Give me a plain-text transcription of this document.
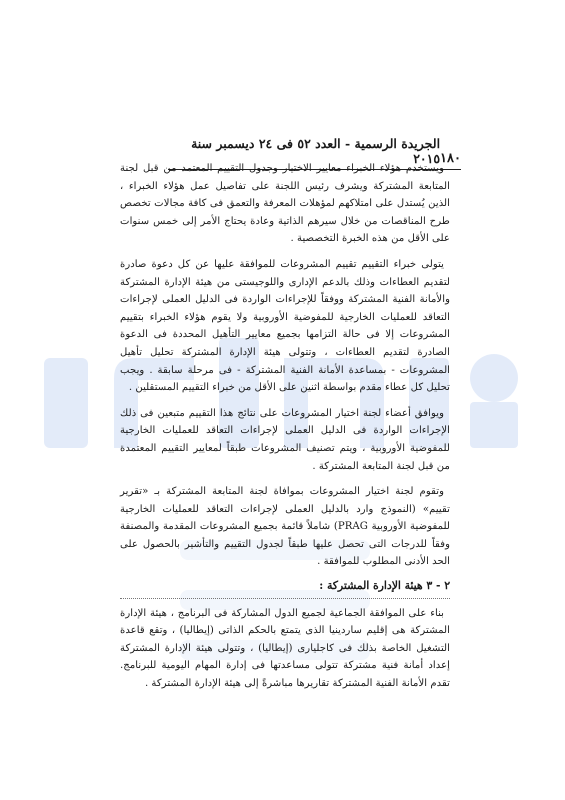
١٨٠
الجريدة الرسمية - العدد ٥٢ فى ٢٤ ديسمبر سنة ٢٠١٥

ويستخدم هؤلاء الخبراء معايير الاختيار وجدول التقييم المعتمد من قبل لجنة المتابعة المشتركة ويشرف رئيس اللجنة على تفاصيل عمل هؤلاء الخبراء ، الذين يُستدل على امتلاكهم لمؤهلات المعرفة والتعمق فى كافة مجالات تخصص طرح المناقصات من خلال سيرهم الذاتية وعادة يحتاج الأمر إلى خمس سنوات على الأقل من هذه الخبرة التخصصية .

يتولى خبراء التقييم تقييم المشروعات للموافقة عليها عن كل دعوة صادرة لتقديم العطاءات وذلك بالدعم الإدارى واللوجيستى من هيئة الإدارة المشتركة والأمانة الفنية المشتركة ووفقاً للإجراءات الواردة فى الدليل العملى لإجراءات التعاقد للعمليات الخارجية للمفوضية الأوروبية ولا يقوم هؤلاء الخبراء بتقييم المشروعات إلا فى حالة التزامها بجميع معايير التأهيل المحددة فى الدعوة الصادرة لتقديم العطاءات ، وتتولى هيئة الإدارة المشتركة تحليل تأهيل المشروعات - بمساعدة الأمانة الفنية المشتركة - فى مرحلة سابقة . ويجب تحليل كل عطاء مقدم بواسطة اثنين على الأقل من خبراء التقييم المستقلين .

ويوافق أعضاء لجنة اختيار المشروعات على نتائج هذا التقييم متبعين فى ذلك الإجراءات الواردة فى الدليل العملى لإجراءات التعاقد للعمليات الخارجية للمفوضية الأوروبية ، ويتم تصنيف المشروعات طبقاً لمعايير التقييم المعتمدة من قبل لجنة المتابعة المشتركة .

وتقوم لجنة اختيار المشروعات بموافاة لجنة المتابعة المشتركة بـ «تقرير تقييم» (النموذج وارد بالدليل العملى لإجراءات التعاقد للعمليات الخارجية للمفوضية الأوروبية PRAG) شاملاً قائمة بجميع المشروعات المقدمة والمصنفة وفقاً للدرجات التى تحصل عليها طبقاً لجدول التقييم والتأشير بالحصول على الحد الأدنى المطلوب للموافقة .

٢ - ٣ هيئة الإدارة المشتركة :

بناء على الموافقة الجماعية لجميع الدول المشاركة فى البرنامج ، هيئة الإدارة المشتركة هى إقليم ساردينيا الذى يتمتع بالحكم الذاتى (إيطاليا) ، وتقع قاعدة التشغيل الخاصة بذلك فى كاجليارى (إيطاليا) ، وتتولى هيئة الإدارة المشتركة إعداد أمانة فنية مشتركة تتولى مساعدتها فى إدارة المهام اليومية للبرنامج. تقدم الأمانة الفنية المشتركة تقاريرها مباشرةً إلى هيئة الإدارة المشتركة .
